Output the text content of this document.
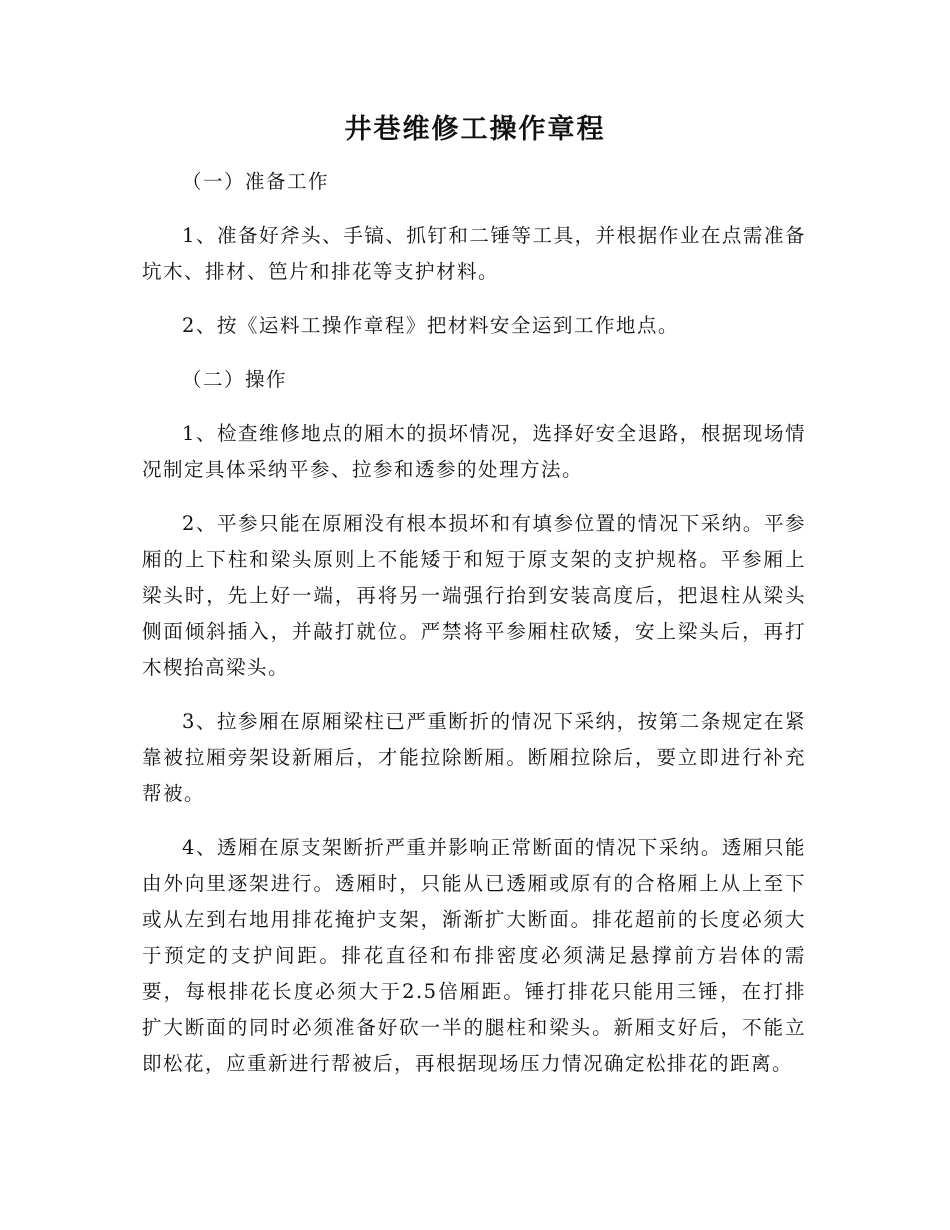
井巷维修工操作章程

（一）准备工作

1、准备好斧头、手镐、抓钉和二锤等工具，并根据作业在点需准备坑木、排材、笆片和排花等支护材料。

2、按《运料工操作章程》把材料安全运到工作地点。

（二）操作

1、检查维修地点的厢木的损坏情况，选择好安全退路，根据现场情况制定具体采纳平参、拉参和透参的处理方法。

2、平参只能在原厢没有根本损坏和有填参位置的情况下采纳。平参厢的上下柱和梁头原则上不能矮于和短于原支架的支护规格。平参厢上梁头时，先上好一端，再将另一端强行抬到安装高度后，把退柱从梁头侧面倾斜插入，并敲打就位。严禁将平参厢柱砍矮，安上梁头后，再打木楔抬高梁头。

3、拉参厢在原厢梁柱已严重断折的情况下采纳，按第二条规定在紧靠被拉厢旁架设新厢后，才能拉除断厢。断厢拉除后，要立即进行补充帮被。

4、透厢在原支架断折严重并影响正常断面的情况下采纳。透厢只能由外向里逐架进行。透厢时，只能从已透厢或原有的合格厢上从上至下或从左到右地用排花掩护支架，渐渐扩大断面。排花超前的长度必须大于预定的支护间距。排花直径和布排密度必须满足悬撑前方岩体的需要，每根排花长度必须大于2.5倍厢距。锤打排花只能用三锤，在打排扩大断面的同时必须准备好砍一半的腿柱和梁头。新厢支好后，不能立即松花，应重新进行帮被后，再根据现场压力情况确定松排花的距离。
